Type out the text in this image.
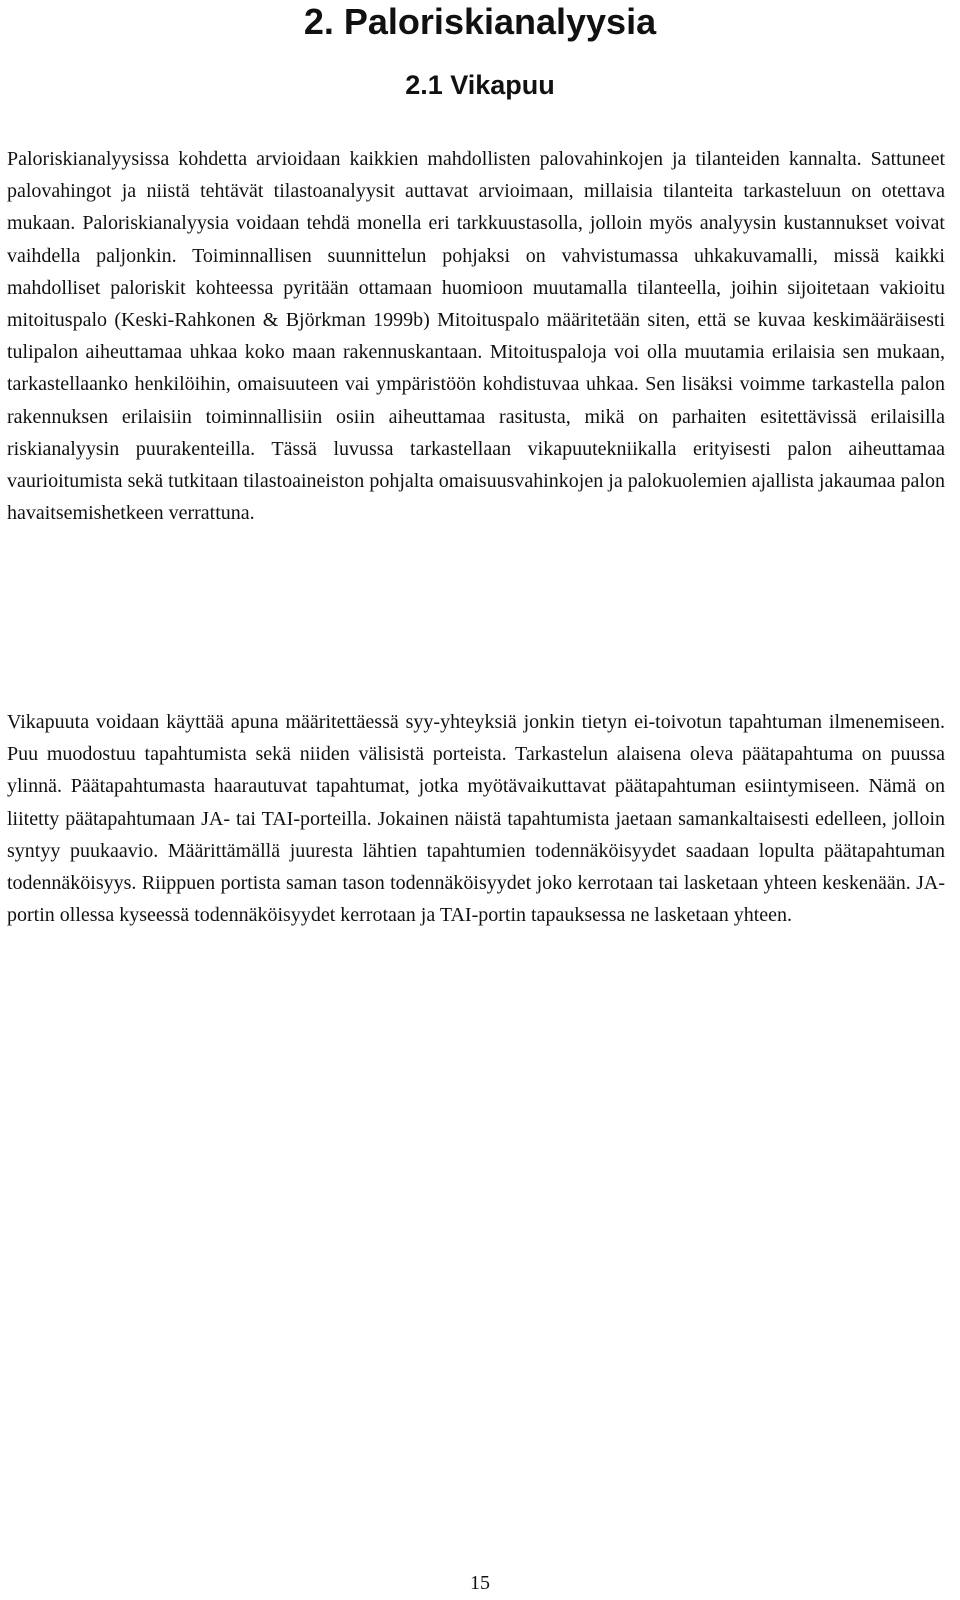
2. Paloriskianalyysia
2.1 Vikapuu

Paloriskianalyysissa kohdetta arvioidaan kaikkien mahdollisten palovahinkojen ja tilanteiden kannalta. Sattuneet palovahingot ja niistä tehtävät tilastoanalyysit auttavat arvioimaan, millaisia tilanteita tarkasteluun on otettava mukaan. Paloriskianalyysia voidaan tehdä monella eri tarkkuustasolla, jolloin myös analyysin kustannukset voivat vaihdella paljonkin. Toiminnallisen suunnittelun pohjaksi on vahvistumassa uhkakuvamalli, missä kaikki mahdolliset paloriskit kohteessa pyritään ottamaan huomioon muutamalla tilanteella, joihin sijoitetaan vakioitu mitoituspalo (Keski-Rahkonen & Björkman 1999b) Mitoituspalo määritetään siten, että se kuvaa keskimääräisesti tulipalon aiheuttamaa uhkaa koko maan rakennuskantaan. Mitoituspaloja voi olla muutamia erilaisia sen mukaan, tarkastellaanko henkilöihin, omaisuuteen vai ympäristöön kohdistuvaa uhkaa. Sen lisäksi voimme tarkastella palon rakennuksen erilaisiin toiminnallisiin osiin aiheuttamaa rasitusta, mikä on parhaiten esitettävissä erilaisilla riskianalyysin puurakenteilla. Tässä luvussa tarkastellaan vikapuutekniikalla erityisesti palon aiheuttamaa vaurioitumista sekä tutkitaan tilastoaineiston pohjalta omaisuusvahinkojen ja palokuolemien ajallista jakaumaa palon havaitsemishetkeen verrattuna.

Vikapuuta voidaan käyttää apuna määritettäessä syy-yhteyksiä jonkin tietyn ei-toivotun tapahtuman ilmenemiseen. Puu muodostuu tapahtumista sekä niiden välisistä porteista. Tarkastelun alaisena oleva päätapahtuma on puussa ylinnä. Päätapahtumasta haarautuvat tapahtumat, jotka myötävaikuttavat päätapahtuman esiintymiseen. Nämä on liitetty päätapahtumaan JA- tai TAI-porteilla. Jokainen näistä tapahtumista jaetaan samankaltaisesti edelleen, jolloin syntyy puukaavio. Määrittämällä juuresta lähtien tapahtumien todennäköisyydet saadaan lopulta päätapahtuman todennäköisyys. Riippuen portista saman tason todennäköisyydet joko kerrotaan tai lasketaan yhteen keskenään. JA-portin ollessa kyseessä todennäköisyydet kerrotaan ja TAI-portin tapauksessa ne lasketaan yhteen.

15
